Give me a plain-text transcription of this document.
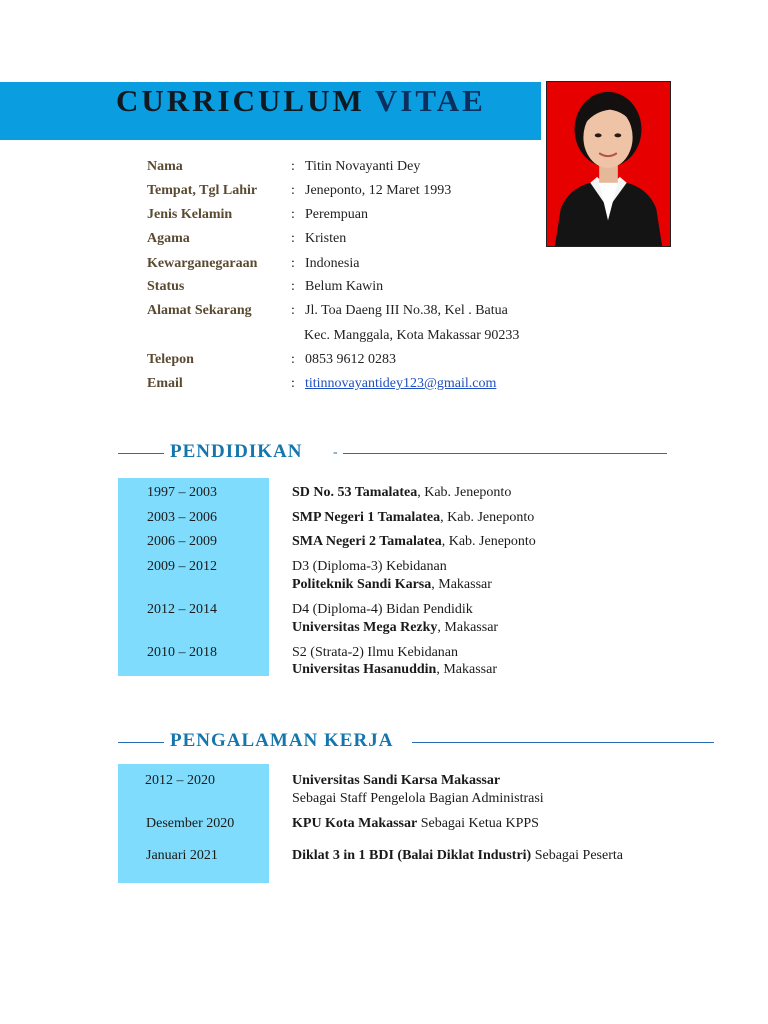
CURRICULUM VITAE
Nama	: Titin Novayanti Dey
Tempat, Tgl Lahir : Jeneponto, 12 Maret 1993
Jenis Kelamin	: Perempuan
Agama	: Kristen
Kewarganegaraan : Indonesia
Status	: Belum Kawin
Alamat Sekarang	: Jl. Toa Daeng III No.38, Kel . Batua
Kec. Manggala, Kota Makassar 90233
Telepon	: 0853 9612 0283
Email	: titinnovayantidey123@gmail.com
PENDIDIKAN -
1997 – 2003	SD No. 53 Tamalatea, Kab. Jeneponto
2003 – 2006	SMP Negeri 1 Tamalatea, Kab. Jeneponto
2006 – 2009	SMA Negeri 2 Tamalatea, Kab. Jeneponto
2009 – 2012	D3 (Diploma-3) Kebidanan
Politeknik Sandi Karsa, Makassar
2012 – 2014	D4 (Diploma-4) Bidan Pendidik
Universitas Mega Rezky, Makassar
2010 – 2018	S2 (Strata-2) Ilmu Kebidanan
Universitas Hasanuddin, Makassar
PENGALAMAN KERJA
2012 – 2020	Universitas Sandi Karsa Makassar
Sebagai Staff Pengelola Bagian Administrasi
Desember 2020	KPU Kota Makassar Sebagai Ketua KPPS
Januari 2021	Diklat 3 in 1 BDI (Balai Diklat Industri) Sebagai Peserta
